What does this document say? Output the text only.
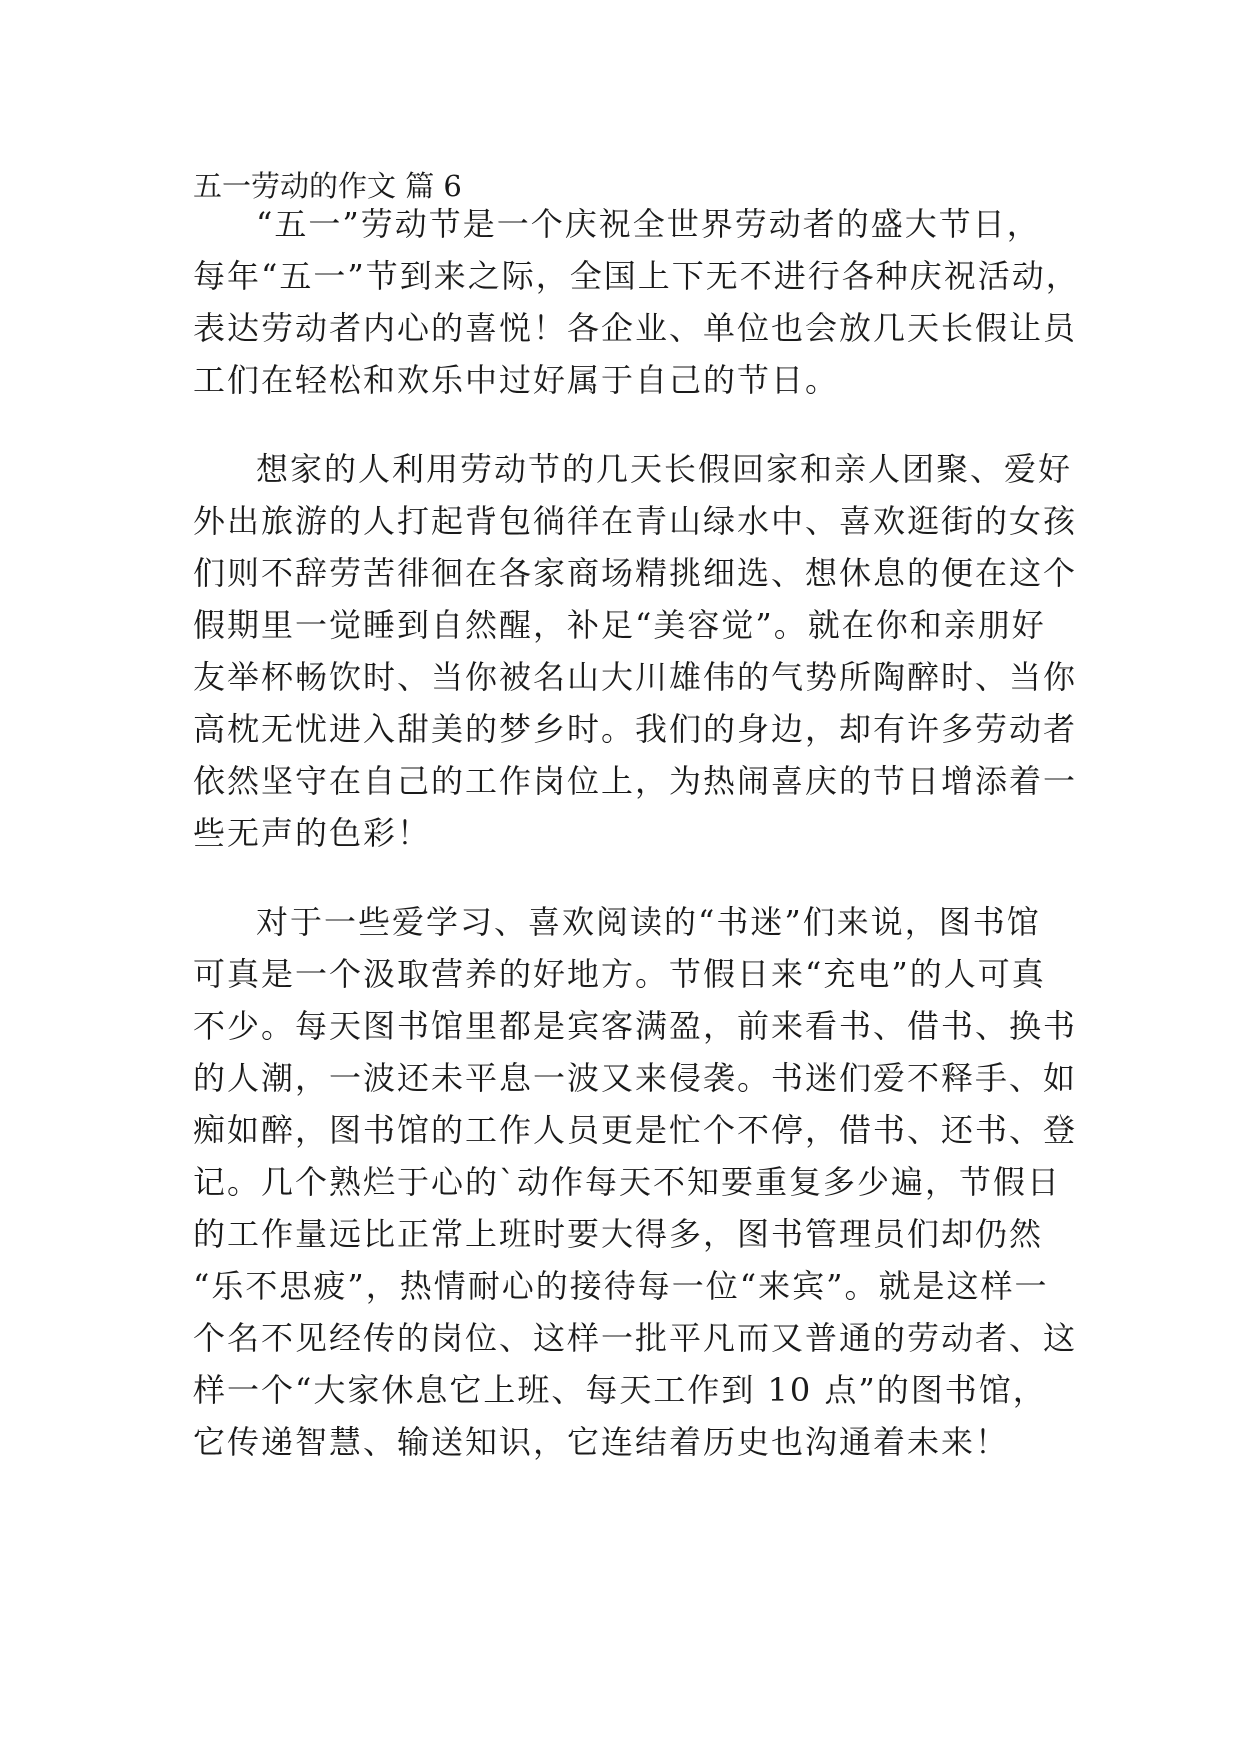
五一劳动的作文 篇 6
“五一”劳动节是一个庆祝全世界劳动者的盛大节日，
每年“五一”节到来之际，全国上下无不进行各种庆祝活动，
表达劳动者内心的喜悦！各企业、单位也会放几天长假让员
工们在轻松和欢乐中过好属于自己的节日。
想家的人利用劳动节的几天长假回家和亲人团聚、爱好
外出旅游的人打起背包徜徉在青山绿水中、喜欢逛街的女孩
们则不辞劳苦徘徊在各家商场精挑细选、想休息的便在这个
假期里一觉睡到自然醒，补足“美容觉”。就在你和亲朋好
友举杯畅饮时、当你被名山大川雄伟的气势所陶醉时、当你
高枕无忧进入甜美的梦乡时。我们的身边，却有许多劳动者
依然坚守在自己的工作岗位上，为热闹喜庆的节日增添着一
些无声的色彩！
对于一些爱学习、喜欢阅读的“书迷”们来说，图书馆
可真是一个汲取营养的好地方。节假日来“充电”的人可真
不少。每天图书馆里都是宾客满盈，前来看书、借书、换书
的人潮，一波还未平息一波又来侵袭。书迷们爱不释手、如
痴如醉，图书馆的工作人员更是忙个不停，借书、还书、登
记。几个熟烂于心的`动作每天不知要重复多少遍，节假日
的工作量远比正常上班时要大得多，图书管理员们却仍然
“乐不思疲”，热情耐心的接待每一位“来宾”。就是这样一
个名不见经传的岗位、这样一批平凡而又普通的劳动者、这
样一个“大家休息它上班、每天工作到 10 点”的图书馆，
它传递智慧、输送知识，它连结着历史也沟通着未来！
